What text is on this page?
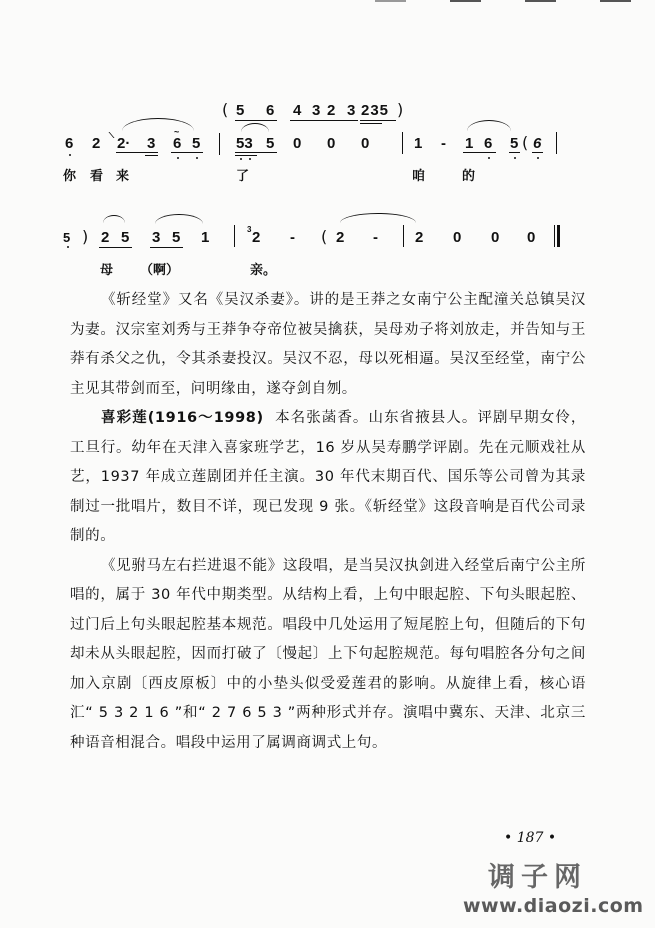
( 5 6 4 3 2 3 235 )
6 2 2· 3 6
~
5 53 5 0 0 0	1 - 1 6 5 ( 6
你 看 来	了	咱	的
5 ) 2 5 3 5 1	3 2 - ( 2 - 2 0 0 0
母 （啊）	亲。

《斩经堂》又名《吴汉杀妻》。讲的是王莽之女南宁公主配潼关总镇吴汉为妻。汉宗室刘秀与王莽争夺帝位被吴擒获，吴母劝子将刘放走，并告知与王莽有杀父之仇，令其杀妻投汉。吴汉不忍，母以死相逼。吴汉至经堂，南宁公主见其带剑而至，问明缘由，遂夺剑自刎。

喜彩莲(1916～1998) 本名张菡香。山东省掖县人。评剧早期女伶，工旦行。幼年在天津入喜家班学艺，16 岁从吴寿鹏学评剧。先在元顺戏社从艺，1937 年成立莲剧团并任主演。30 年代末期百代、国乐等公司曾为其录制过一批唱片，数目不详，现已发现 9 张。《斩经堂》这段音响是百代公司录制的。

《见驸马左右拦进退不能》这段唱，是当吴汉执剑进入经堂后南宁公主所唱的，属于 30 年代中期类型。从结构上看，上句中眼起腔、下句头眼起腔、过门后上句头眼起腔基本规范。唱段中几处运用了短尾腔上句，但随后的下句却未从头眼起腔，因而打破了〔慢起〕上下句起腔规范。每句唱腔各分句之间加入京剧〔西皮原板〕中的小垫头似受爱莲君的影响。从旋律上看，核心语汇“ 5 3 2 1 6 ”和“ 2 7 6 5 3 ”两种形式并存。演唱中冀东、天津、北京三种语音相混合。唱段中运用了属调商调式上句。

• 187 •
调子网
www.diaozi.com
